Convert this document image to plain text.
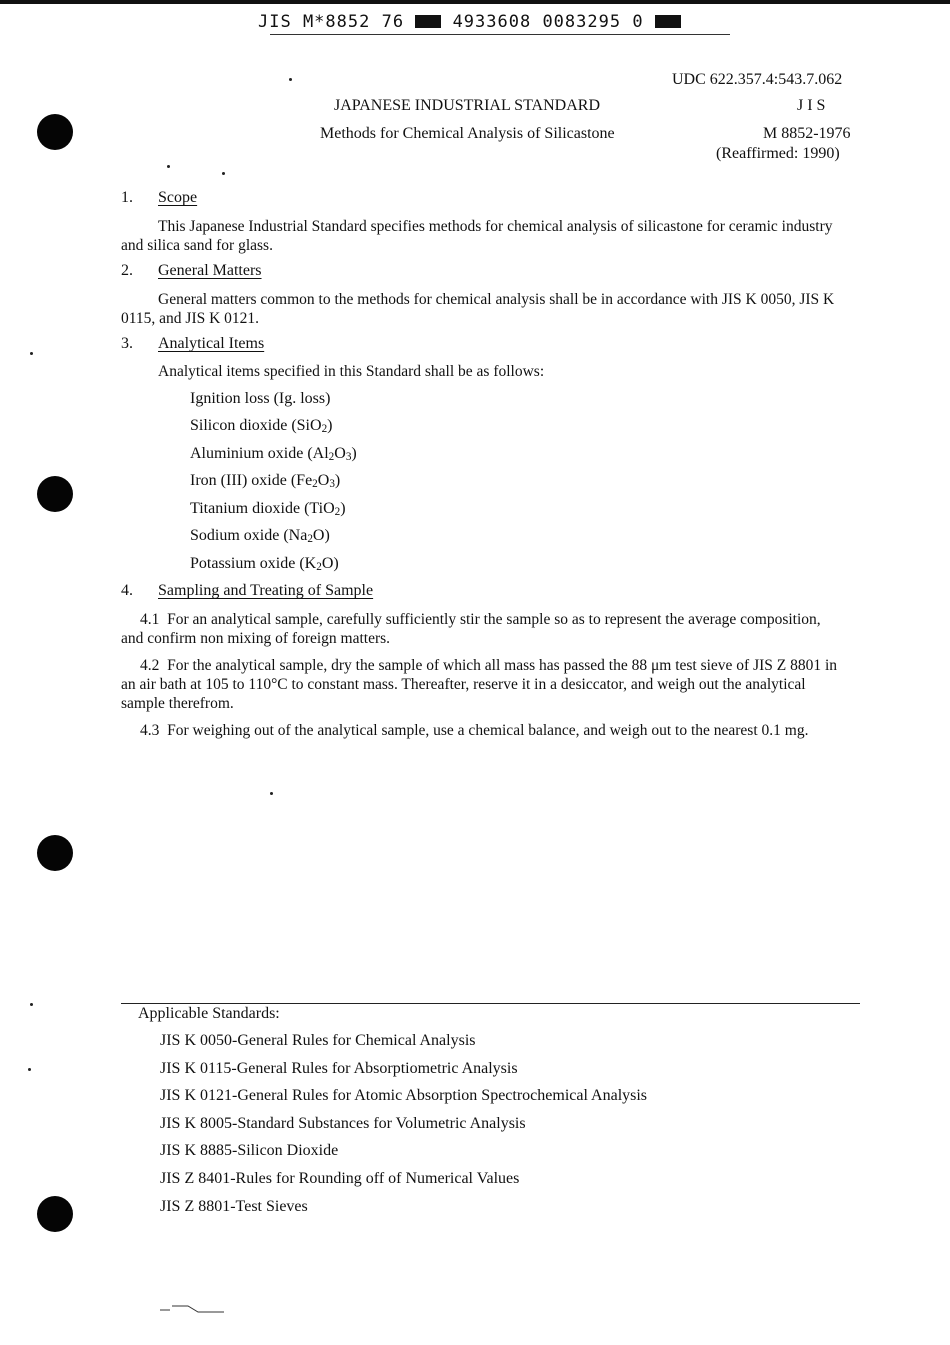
JIS M*8852 76	4933608 0083295 0
UDC 622.357.4:543.7.062
JAPANESE INDUSTRIAL STANDARD	J I S
Methods for Chemical Analysis of Silicastone	M 8852-1976
(Reaffirmed: 1990)
1. Scope
This Japanese Industrial Standard specifies methods for chemical analysis of silicastone for ceramic industry and silica sand for glass.
2. General Matters
General matters common to the methods for chemical analysis shall be in accordance with JIS K 0050, JIS K 0115, and JIS K 0121.
3. Analytical Items
Analytical items specified in this Standard shall be as follows:
Ignition loss (Ig. loss)
Silicon dioxide (SiO$_2$)
Aluminium oxide $(Al_2O_3)$
Iron (III) oxide $(Fe_2O_3)$
Titanium dioxide (TiO$_2$)
Sodium oxide $(Na_2O)$
Potassium oxide $(K_2O)$
4. Sampling and Treating of Sample
4.1 For an analytical sample, carefully sufficiently stir the sample so as to represent the average composition, and confirm non mixing of foreign matters.
4.2 For the analytical sample, dry the sample of which all mass has passed the 88 μm test sieve of JIS Z 8801 in an air bath at 105 to 110°C to constant mass. Thereafter, reserve it in a desiccator, and weigh out the analytical sample therefrom.
4.3 For weighing out of the analytical sample, use a chemical balance, and weigh out to the nearest 0.1 mg.
Applicable Standards:
JIS K 0050-General Rules for Chemical Analysis
JIS K 0115-General Rules for Absorptiometric Analysis
JIS K 0121-General Rules for Atomic Absorption Spectrochemical Analysis
JIS K 8005-Standard Substances for Volumetric Analysis
JIS K 8885-Silicon Dioxide
JIS Z 8401-Rules for Rounding off of Numerical Values
JIS Z 8801-Test Sieves
